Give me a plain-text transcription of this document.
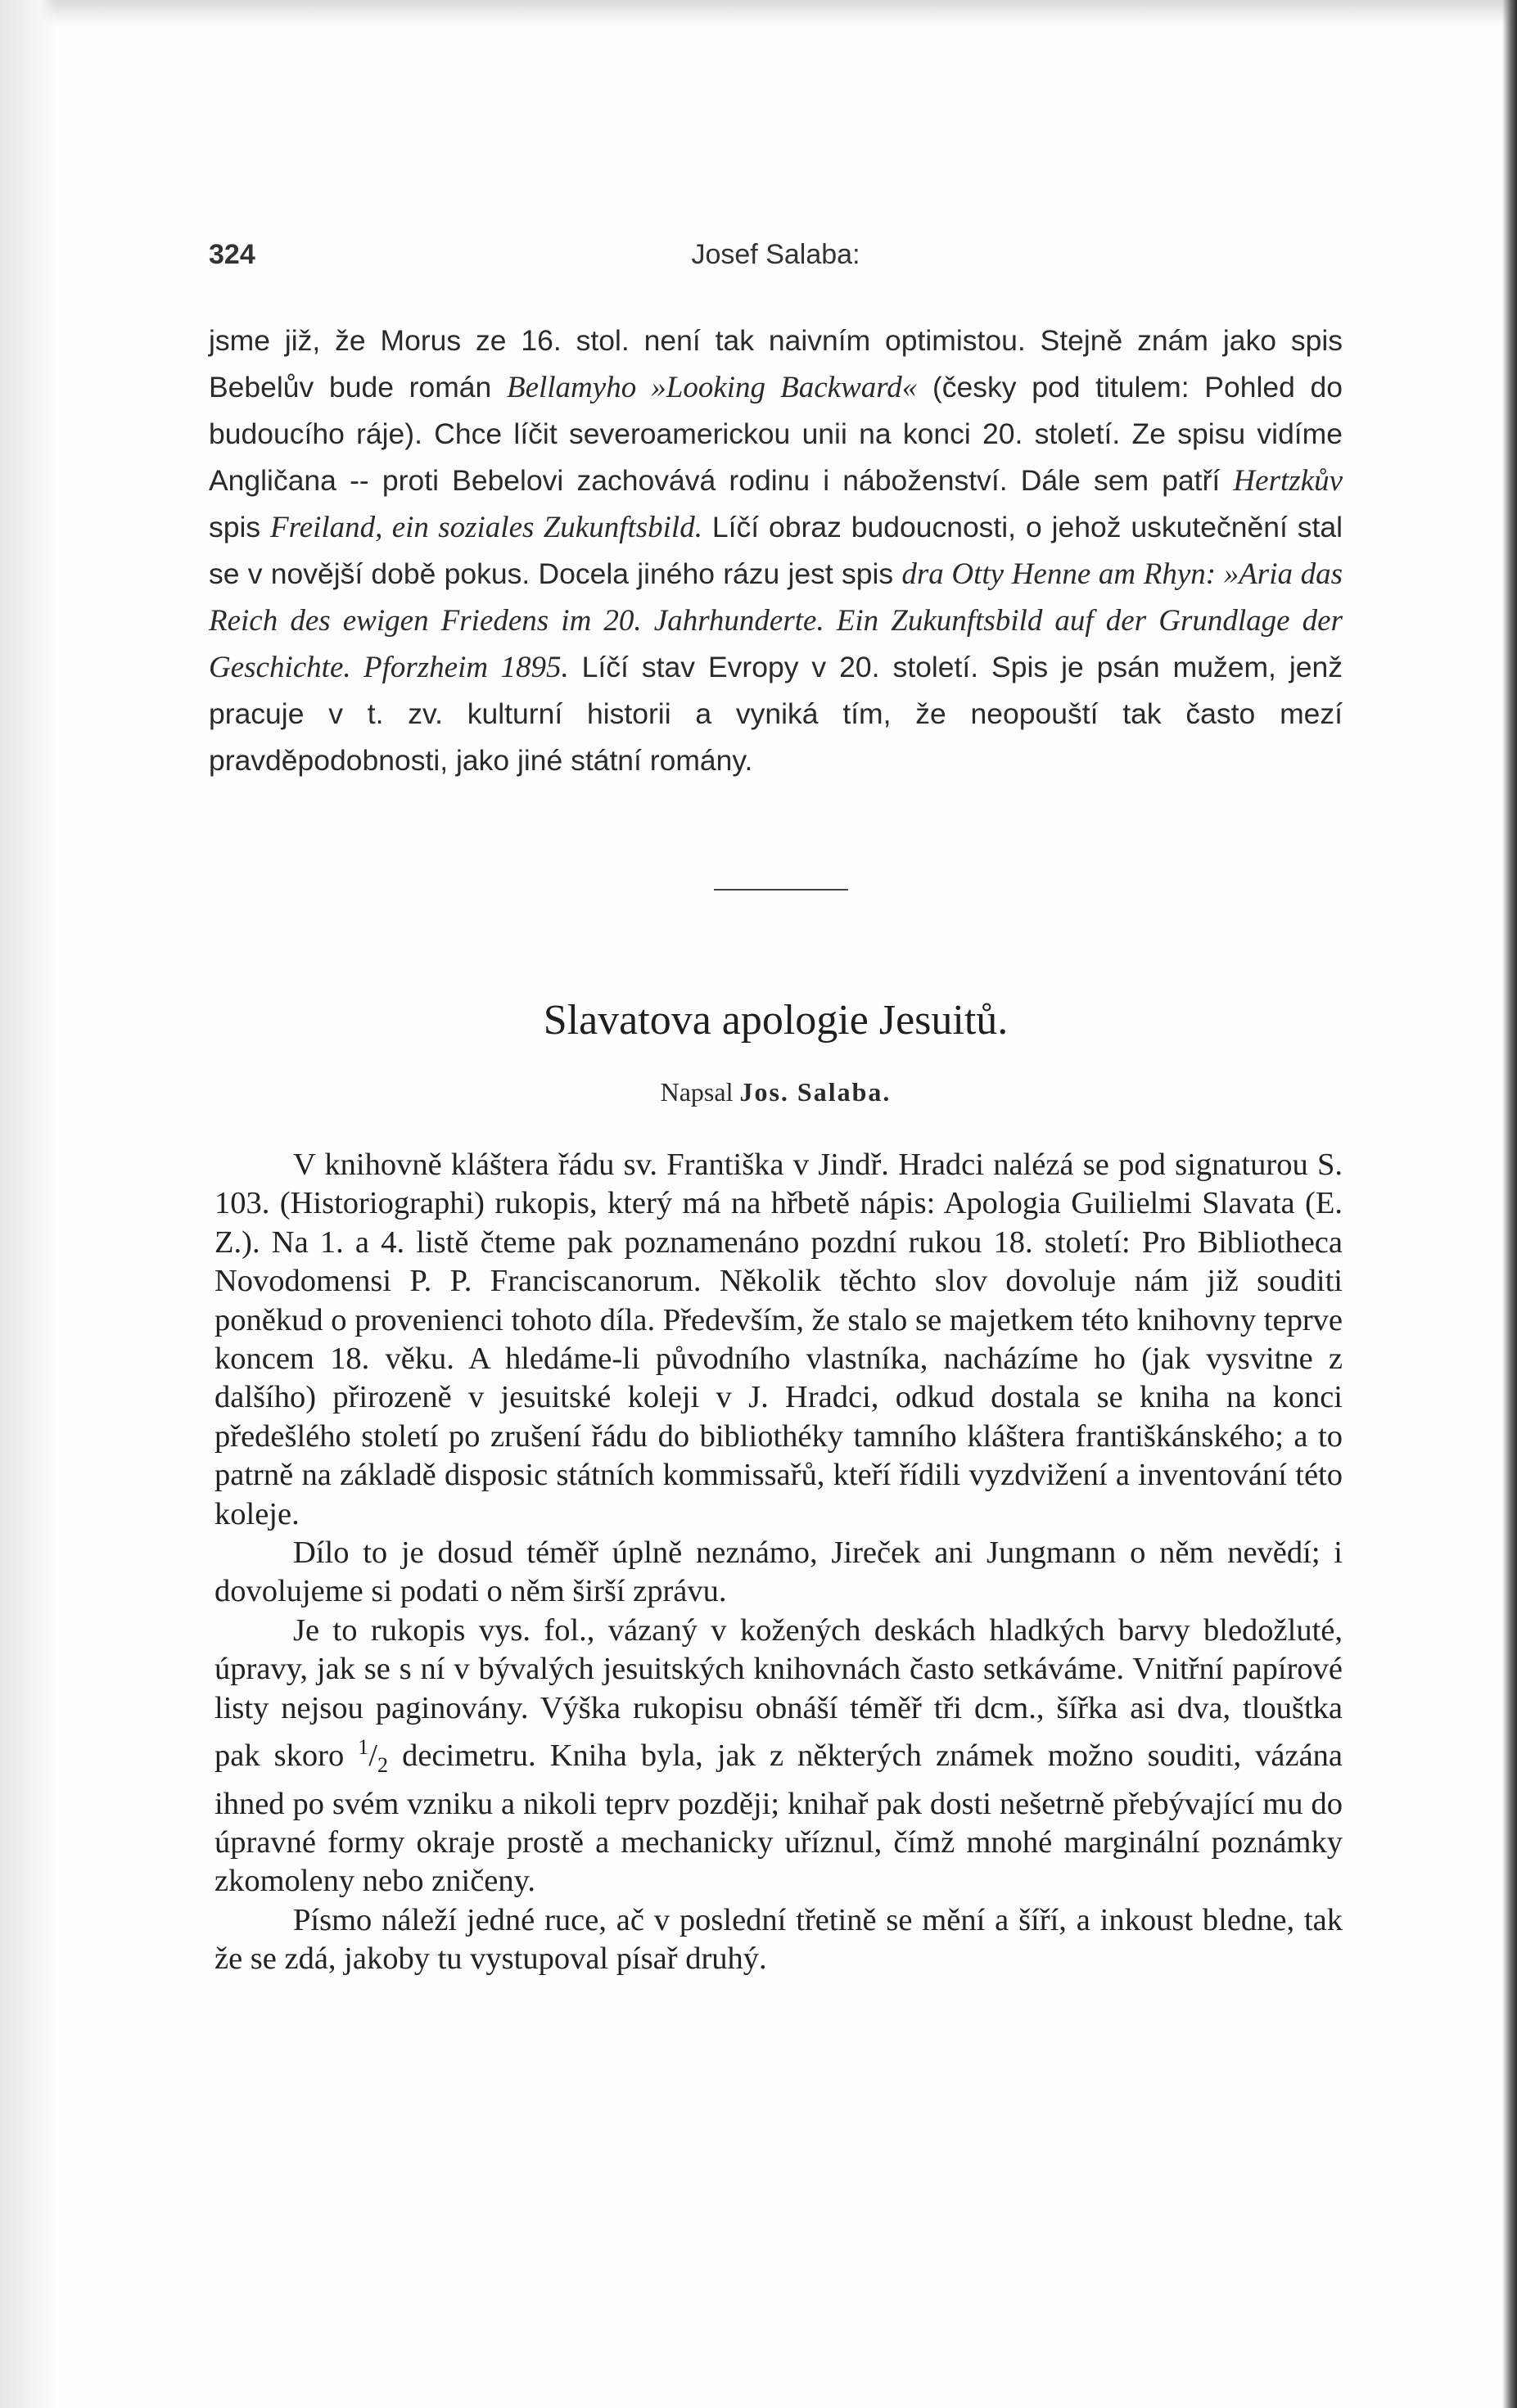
324	Josef Salaba:

jsme již, že Morus ze 16. stol. není tak naivním optimistou. Stejně znám jako spis Bebelův bude román Bellamyho »Looking Backward« (česky pod titulem: Pohled do budoucího ráje). Chce líčit severoamerickou unii na konci 20. století. Ze spisu vidíme Angličana -- proti Bebelovi zachovává rodinu i náboženství. Dále sem patří Hertzkův spis Freiland, ein soziales Zukunftsbild. Líčí obraz budoucnosti, o jehož uskutečnění stal se v novější době pokus. Docela jiného rázu jest spis dra Otty Henne am Rhyn: »Aria das Reich des ewigen Friedens im 20. Jahrhunderte. Ein Zukunftsbild auf der Grundlage der Geschichte. Pforzheim 1895. Líčí stav Evropy v 20. století. Spis je psán mužem, jenž pracuje v t. zv. kulturní historii a vyniká tím, že neopouští tak často mezí pravděpodobnosti, jako jiné státní romány.

Slavatova apologie Jesuitů.
Napsal Jos. Salaba.

V knihovně kláštera řádu sv. Františka v Jindř. Hradci nalézá se pod signaturou S. 103. (Historiographi) rukopis, který má na hřbetě nápis: Apologia Guilielmi Slavata (E. Z.). Na 1. a 4. listě čteme pak poznamenáno pozdní rukou 18. století: Pro Bibliotheca Novodomensi P. P. Franciscanorum. Několik těchto slov dovoluje nám již souditi poněkud o provenienci tohoto díla. Především, že stalo se majetkem této knihovny teprve koncem 18. věku. A hledáme-li původního vlastníka, nacházíme ho (jak vysvitne z dalšího) přirozeně v jesuitské koleji v J. Hradci, odkud dostala se kniha na konci předešlého století po zrušení řádu do bibliothéky tamního kláštera františkánského; a to patrně na základě disposic státních kommissařů, kteří řídili vyzdvižení a inventování této koleje.

Dílo to je dosud téměř úplně neznámo, Jireček ani Jungmann o něm nevědí; i dovolujeme si podati o něm širší zprávu.

Je to rukopis vys. fol., vázaný v kožených deskách hladkých barvy bledožluté, úpravy, jak se s ní v bývalých jesuitských knihovnách často setkáváme. Vnitřní papírové listy nejsou paginovány. Výška rukopisu obnáší téměř tři dcm., šířka asi dva, tlouštka pak skoro $^1/_2$ decimetru. Kniha byla, jak z některých známek možno souditi, vázána ihned po svém vzniku a nikoli teprv později; knihař pak dosti nešetrně přebývající mu do úpravné formy okraje prostě a mechanicky uříznul, čímž mnohé marginální poznámky zkomoleny nebo zničeny.

Písmo náleží jedné ruce, ač v poslední třetině se mění a šíří, a inkoust bledne, tak že se zdá, jakoby tu vystupoval písař druhý.
